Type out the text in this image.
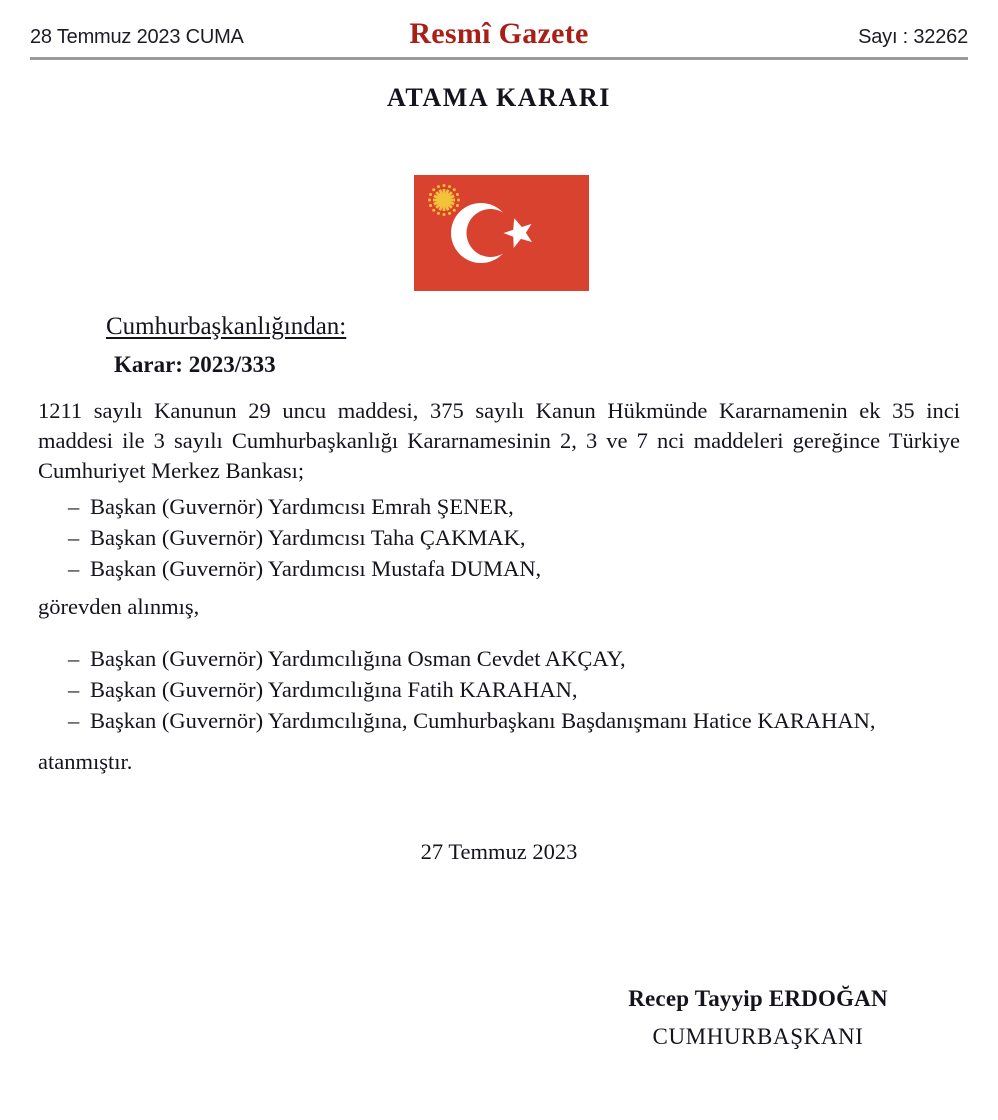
28 Temmuz 2023 CUMA	Resmî Gazete	Sayı : 32262
ATAMA KARARI
Cumhurbaşkanlığından:
Karar: 2023/333
1211 sayılı Kanunun 29 uncu maddesi, 375 sayılı Kanun Hükmünde Kararnamenin ek 35 inci maddesi ile 3 sayılı Cumhurbaşkanlığı Kararnamesinin 2, 3 ve 7 nci maddeleri gereğince Türkiye Cumhuriyet Merkez Bankası;
– Başkan (Guvernör) Yardımcısı Emrah ŞENER,
– Başkan (Guvernör) Yardımcısı Taha ÇAKMAK,
– Başkan (Guvernör) Yardımcısı Mustafa DUMAN,
görevden alınmış,
– Başkan (Guvernör) Yardımcılığına Osman Cevdet AKÇAY,
– Başkan (Guvernör) Yardımcılığına Fatih KARAHAN,
– Başkan (Guvernör) Yardımcılığına, Cumhurbaşkanı Başdanışmanı Hatice KARAHAN,
atanmıştır.
27 Temmuz 2023
Recep Tayyip ERDOĞAN
CUMHURBAŞKANI
